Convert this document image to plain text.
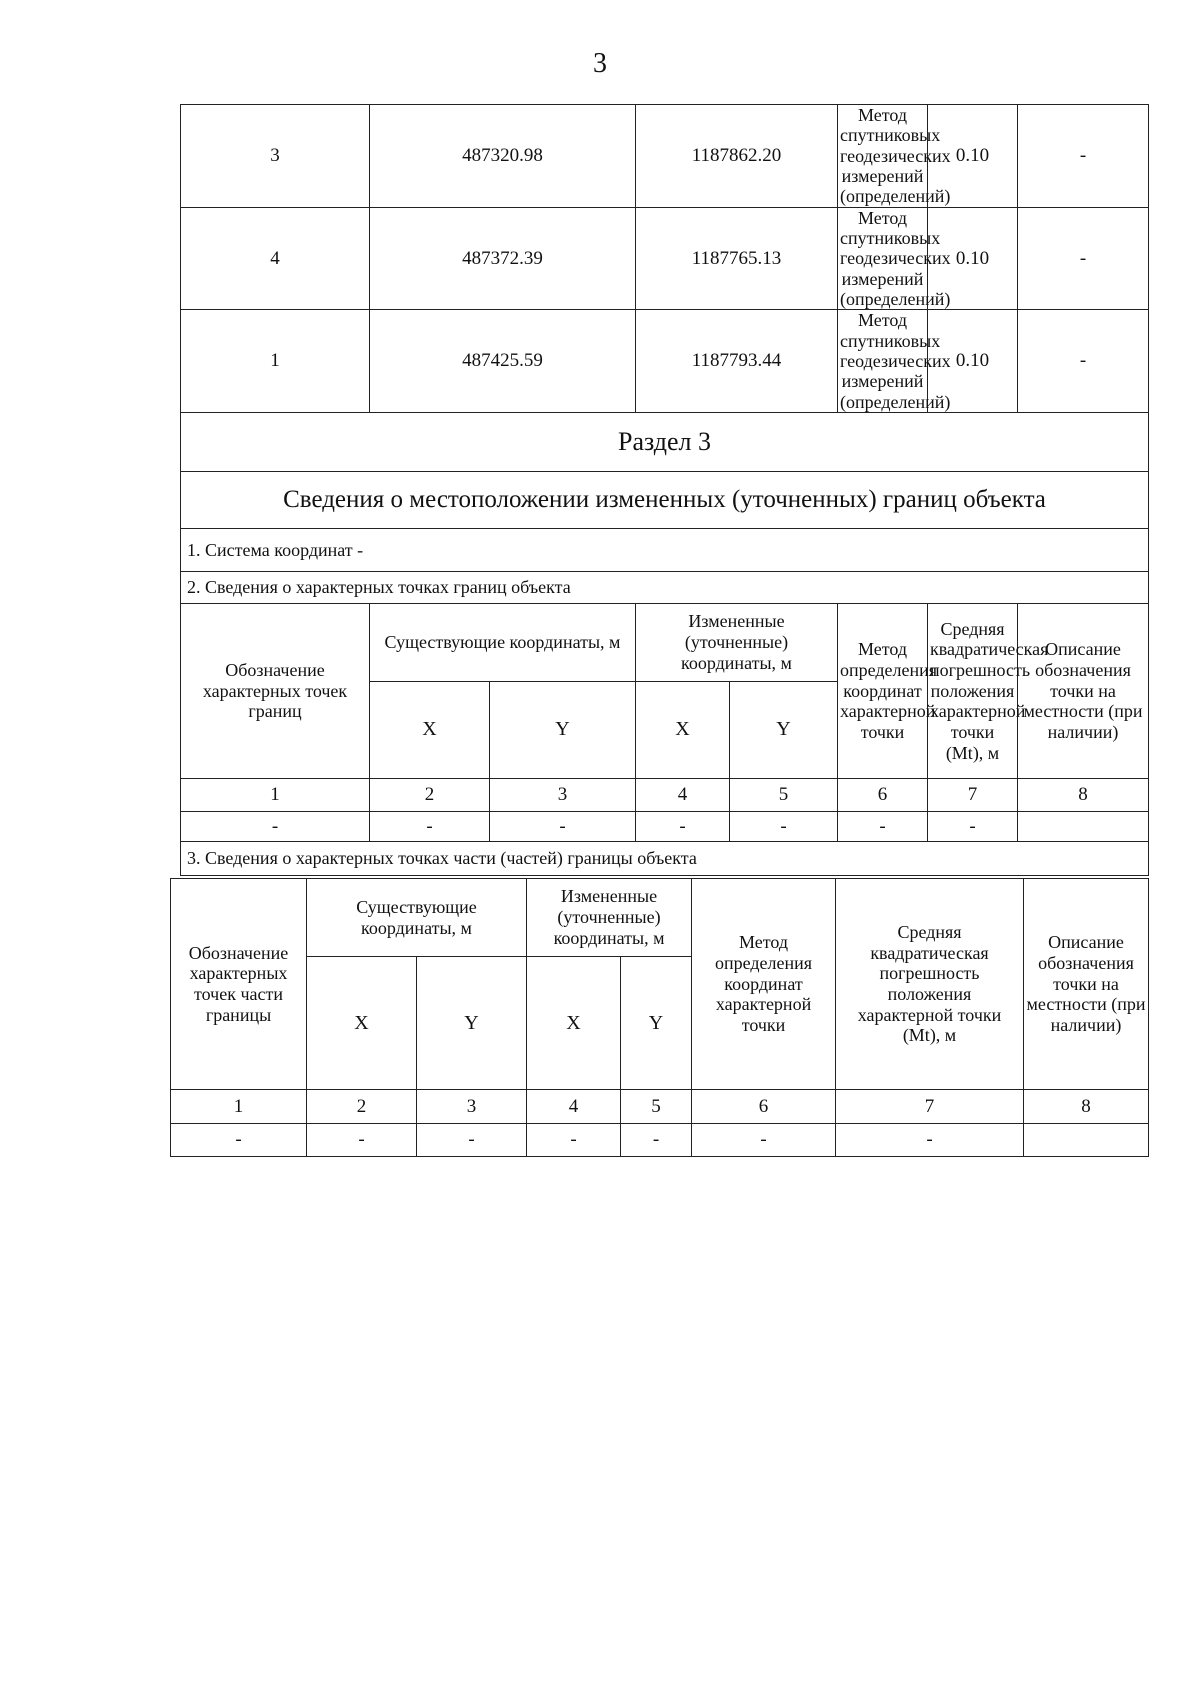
3
3	487320.98		1187862.20		Метод спутниковых геодезических измерений (определений)	0.10	-
4	487372.39		1187765.13		Метод спутниковых геодезических измерений (определений)	0.10	-
1	487425.59		1187793.44		Метод спутниковых геодезических измерений (определений)	0.10	-
Раздел 3							
Сведения о местоположении измененных (уточненных) границ объекта							
1. Система координат -							
2. Сведения о характерных точках границ объекта							
Обозначение характерных точек границ	Существующие координаты, м		Измененные (уточненные) координаты, м		Метод определения координат характерной точки	Средняя квадратическая погрешность положения характерной точки (Mt), м	Описание обозначения точки на местности (при наличии)
	X	Y	X	Y			
1	2	3	4	5	6	7	8
-	-	-	-	-	-	-	
3. Сведения о характерных точках части (частей) границы объекта							
Обозначение характерных точек части границы	Существующие координаты, м		Измененные (уточненные) координаты, м		Метод определения координат характерной точки	Средняя квадратическая погрешность положения характерной точки (Mt), м	Описание обозначения точки на местности (при наличии)
	X	Y	X	Y			
1	2	3	4	5	6	7	8
-	-	-	-	-	-	-	
